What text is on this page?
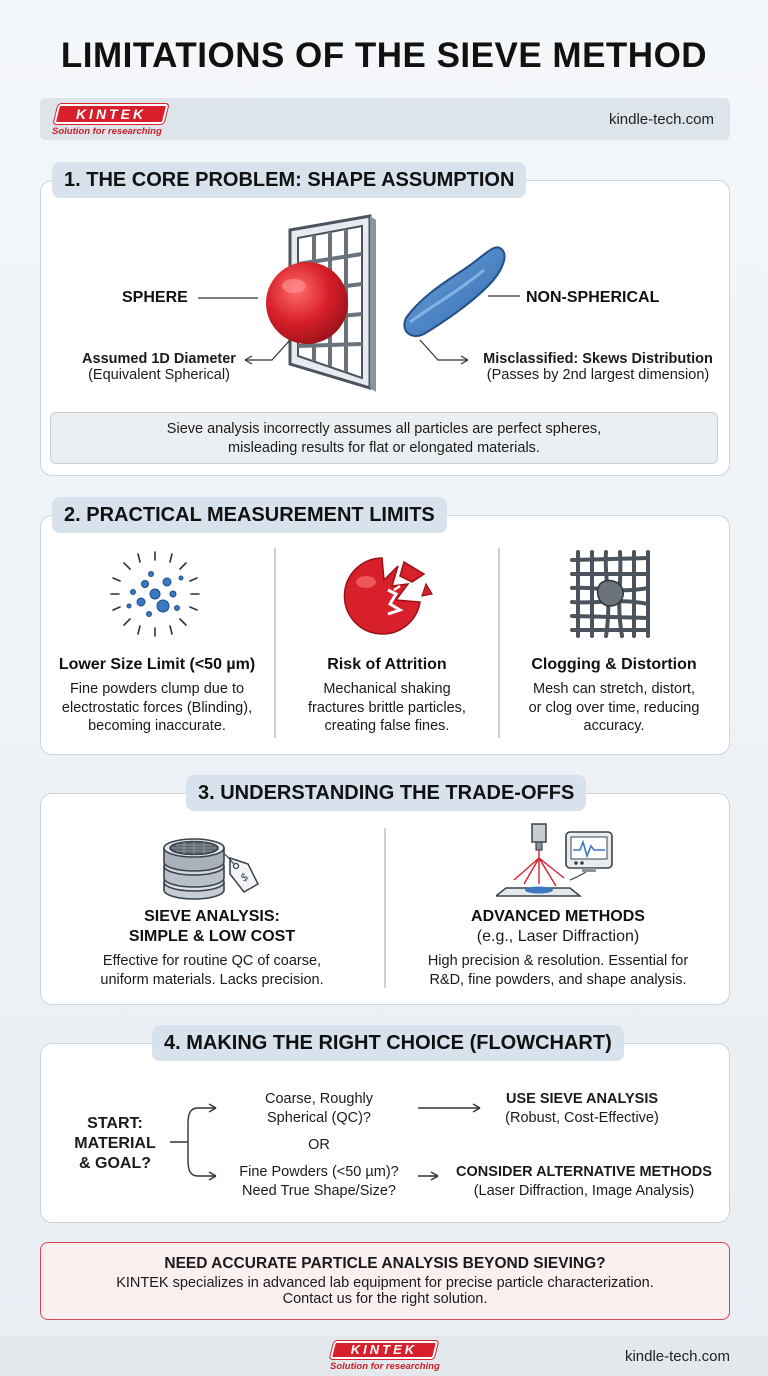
LIMITATIONS OF THE SIEVE METHOD
KINTEK
Solution for researching
kindle-tech.com
1. THE CORE PROBLEM: SHAPE ASSUMPTION
SPHERE	NON-SPHERICAL
Assumed 1D Diameter
(Equivalent Spherical)
Misclassified: Skews Distribution
(Passes by 2nd largest dimension)
Sieve analysis incorrectly assumes all particles are perfect spheres,
misleading results for flat or elongated materials.
2. PRACTICAL MEASUREMENT LIMITS
Lower Size Limit (<50 µm)
Fine powders clump due to
electrostatic forces (Blinding),
becoming inaccurate.
Risk of Attrition
Mechanical shaking
fractures brittle particles,
creating false fines.
Clogging & Distortion
Mesh can stretch, distort,
or clog over time, reducing
accuracy.
3. UNDERSTANDING THE TRADE-OFFS
$
SIEVE ANALYSIS:
SIMPLE & LOW COST
Effective for routine QC of coarse,
uniform materials. Lacks precision.
ADVANCED METHODS
(e.g., Laser Diffraction)
High precision & resolution. Essential for
R&D, fine powders, and shape analysis.
4. MAKING THE RIGHT CHOICE (FLOWCHART)
START:
MATERIAL
& GOAL?
Coarse, Roughly
Spherical (QC)?
OR
Fine Powders (<50 µm)?
Need True Shape/Size?
USE SIEVE ANALYSIS
(Robust, Cost-Effective)
CONSIDER ALTERNATIVE METHODS
(Laser Diffraction, Image Analysis)
NEED ACCURATE PARTICLE ANALYSIS BEYOND SIEVING?
KINTEK specializes in advanced lab equipment for precise particle characterization.
Contact us for the right solution.
KINTEK
Solution for researching
kindle-tech.com
